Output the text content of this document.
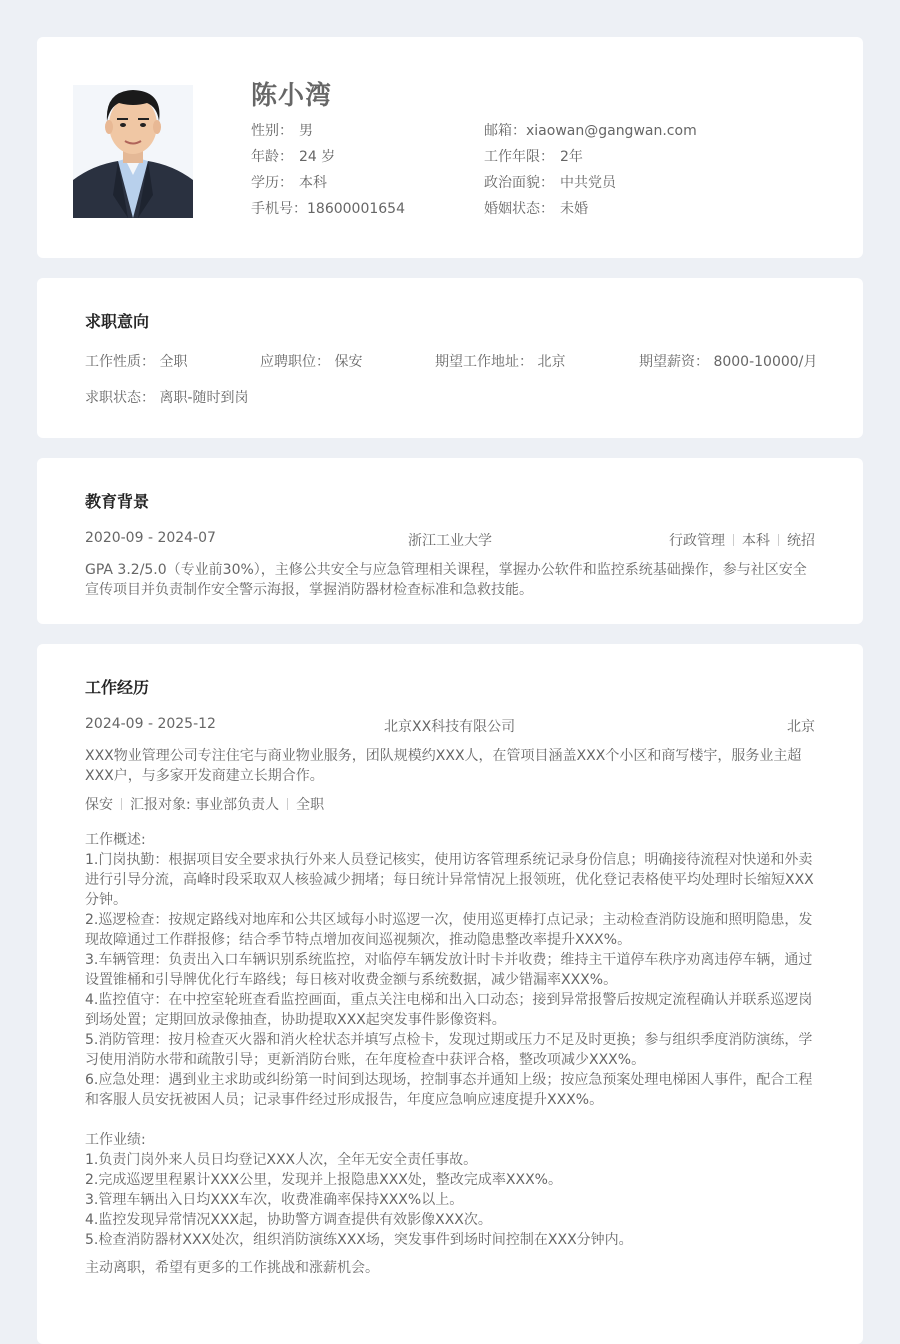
陈小湾
性别： 男
年龄： 24 岁
学历： 本科
手机号：18600001654
邮箱：xiaowan@gangwan.com
工作年限： 2年
政治面貌： 中共党员
婚姻状态： 未婚
求职意向
工作性质： 全职	应聘职位： 保安	期望工作地址： 北京	期望薪资： 8000-10000/月
求职状态： 离职-随时到岗
教育背景
2020-09 - 2024-07	浙江工业大学	行政管理 本科 统招
GPA 3.2/5.0（专业前30%），主修公共安全与应急管理相关课程，掌握办公软件和监控系统基础操作，参与社区安全宣传项目并负责制作安全警示海报，掌握消防器材检查标准和急救技能。
工作经历
2024-09 - 2025-12	北京XX科技有限公司	北京
XXX物业管理公司专注住宅与商业物业服务，团队规模约XXX人，在管项目涵盖XXX个小区和商写楼宇，服务业主超XXX户，与多家开发商建立长期合作。
保安 汇报对象: 事业部负责人 全职
工作概述:
1.门岗执勤：根据项目安全要求执行外来人员登记核实，使用访客管理系统记录身份信息；明确接待流程对快递和外卖进行引导分流，高峰时段采取双人核验减少拥堵；每日统计异常情况上报领班，优化登记表格使平均处理时长缩短XXX分钟。
2.巡逻检查：按规定路线对地库和公共区域每小时巡逻一次，使用巡更棒打点记录；主动检查消防设施和照明隐患，发现故障通过工作群报修；结合季节特点增加夜间巡视频次，推动隐患整改率提升XXX%。
3.车辆管理：负责出入口车辆识别系统监控，对临停车辆发放计时卡并收费；维持主干道停车秩序劝离违停车辆，通过设置锥桶和引导牌优化行车路线；每日核对收费金额与系统数据，减少错漏率XXX%。
4.监控值守：在中控室轮班查看监控画面，重点关注电梯和出入口动态；接到异常报警后按规定流程确认并联系巡逻岗到场处置；定期回放录像抽查，协助提取XXX起突发事件影像资料。
5.消防管理：按月检查灭火器和消火栓状态并填写点检卡，发现过期或压力不足及时更换；参与组织季度消防演练，学习使用消防水带和疏散引导；更新消防台账，在年度检查中获评合格，整改项减少XXX%。
6.应急处理：遇到业主求助或纠纷第一时间到达现场，控制事态并通知上级；按应急预案处理电梯困人事件，配合工程和客服人员安抚被困人员；记录事件经过形成报告，年度应急响应速度提升XXX%。
工作业绩:
1.负责门岗外来人员日均登记XXX人次，全年无安全责任事故。
2.完成巡逻里程累计XXX公里，发现并上报隐患XXX处，整改完成率XXX%。
3.管理车辆出入日均XXX车次，收费准确率保持XXX%以上。
4.监控发现异常情况XXX起，协助警方调查提供有效影像XXX次。
5.检查消防器材XXX处次，组织消防演练XXX场，突发事件到场时间控制在XXX分钟内。
主动离职，希望有更多的工作挑战和涨薪机会。
